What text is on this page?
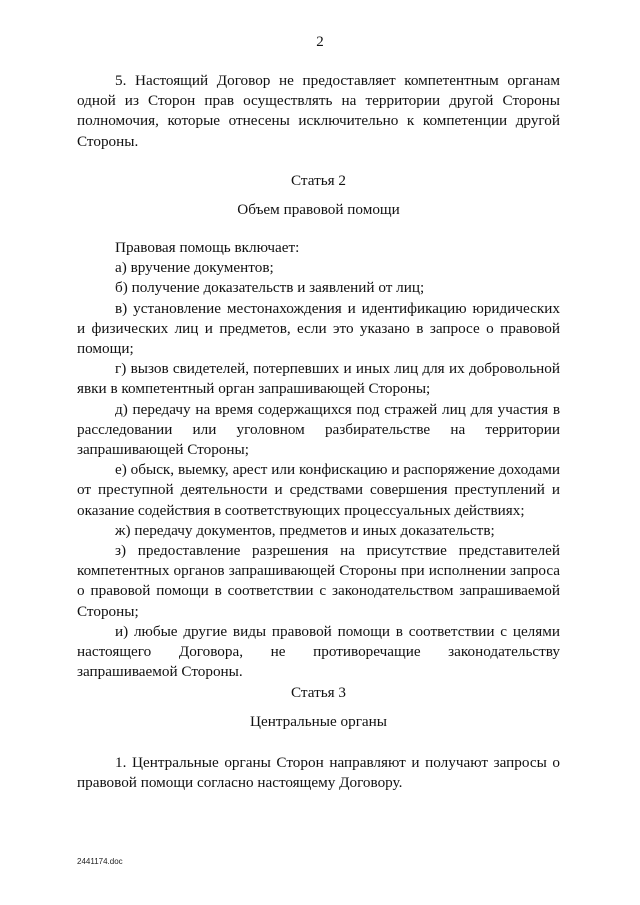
2

5. Настоящий Договор не предоставляет компетентным органам одной из Сторон прав осуществлять на территории другой Стороны полномочия, которые отнесены исключительно к компетенции другой Стороны.

Статья 2

Объем правовой помощи

Правовая помощь включает:

а) вручение документов;

б) получение доказательств и заявлений от лиц;

в) установление местонахождения и идентификацию юридических и физических лиц и предметов, если это указано в запросе о правовой помощи;

г) вызов свидетелей, потерпевших и иных лиц для их добровольной явки в компетентный орган запрашивающей Стороны;

д) передачу на время содержащихся под стражей лиц для участия в расследовании или уголовном разбирательстве на территории запрашивающей Стороны;

е) обыск, выемку, арест или конфискацию и распоряжение доходами от преступной деятельности и средствами совершения преступлений и оказание содействия в соответствующих процессуальных действиях;

ж) передачу документов, предметов и иных доказательств;

з) предоставление разрешения на присутствие представителей компетентных органов запрашивающей Стороны при исполнении запроса о правовой помощи в соответствии с законодательством запрашиваемой Стороны;

и) любые другие виды правовой помощи в соответствии с целями настоящего Договора, не противоречащие законодательству запрашиваемой Стороны.

Статья 3

Центральные органы

1. Центральные органы Сторон направляют и получают запросы о правовой помощи согласно настоящему Договору.

2441174.doc
